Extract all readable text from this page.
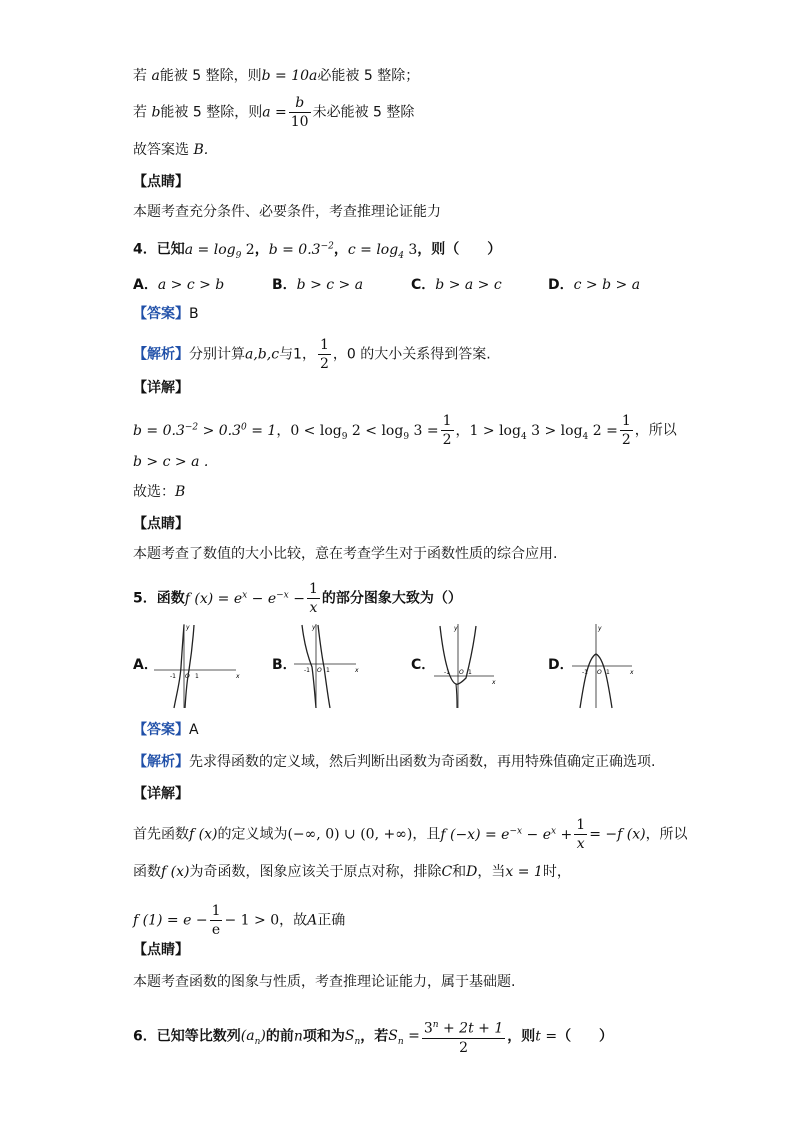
若 a能被 5 整除，则b = 10a必能被 5 整除；
若 b能被 5 整除，则$a = \frac{b}{10}$ 未必能被 5 整除
故答案选 B.
【点睛】
本题考查充分条件、必要条件，考查推理论证能力
4．已知$a = \log_9 2$，$b = 0.3^{-2}$，$c = \log_4 3$，则（　　）
A．a > c > b	B．b > c > a	C．b > a > c	D．c > b > a
【答案】B
【解析】分别计算a,b,c与1， $\frac{1}{2}$ ，0 的大小关系得到答案.
【详解】
$b = 0.3^{-2} > 0.3^0 = 1$，$0 < \log_9 2 < \log_9 3 = \frac{1}{2}$ ，$1 > \log_4 3 > \log_4 2 = \frac{1}{2}$ ，所以
b > c > a .
故选：B
【点睛】
本题考查了数值的大小比较，意在考查学生对于函数性质的综合应用.
5．函数f $(x) = e^x - e^{-x} - \frac{1}{x}$ 的部分图象大致为（）
A．	B．	C．	D．
x
y
-1 O 1
x
y
-1 O 1
x
y
-1 O 1	x
y
-1 O 1
【答案】A
【解析】先求得函数的定义域，然后判断出函数为奇函数，再用特殊值确定正确选项.
【详解】
首先函数f (x)的定义域为(−∞, 0) ∪ (0, +∞)，且f $(-x) = e^{-x} - e^x + \frac{1}{x} = -f$ (x)，所以
函数f (x)为奇函数，图象应该关于原点对称，排除C和D，当x = 1时，
f $(1) = e - \frac{1}{e} - 1 > 0$，故A正确
【点睛】
本题考查函数的图象与性质，考查推理论证能力，属于基础题.
6．已知等比数列$(a_n)$的前n项和为$S_n$，若$S_n = \frac{3^n + 2t + 1}{2}$ ，则t =（　　）
